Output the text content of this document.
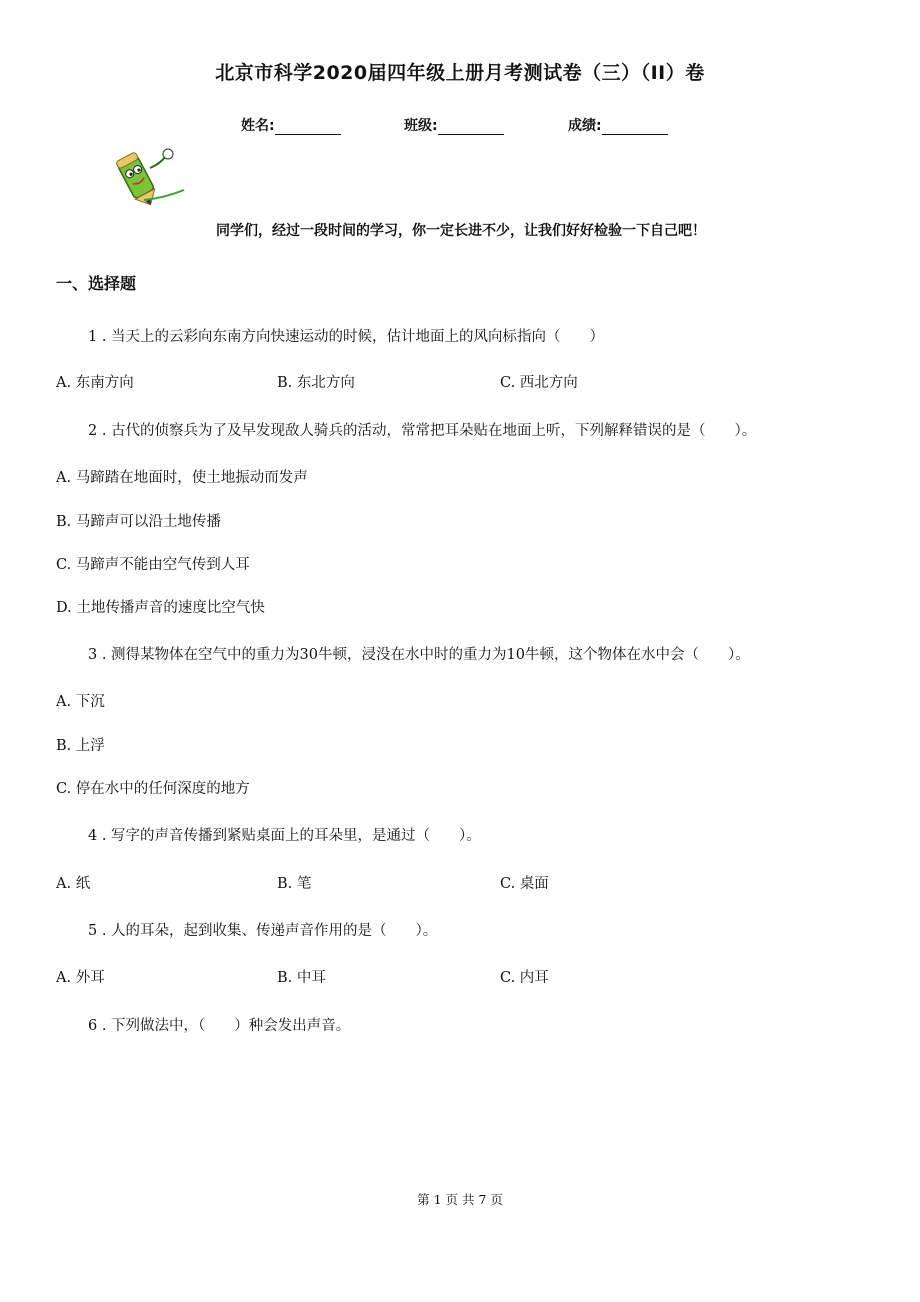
北京市科学2020届四年级上册月考测试卷（三）（II）卷
姓名:	班级:	成绩:
同学们，经过一段时间的学习，你一定长进不少，让我们好好检验一下自己吧！
一、选择题
1 . 当天上的云彩向东南方向快速运动的时候，估计地面上的风向标指向（　　）
A. 东南方向	B. 东北方向	C. 西北方向
2 . 古代的侦察兵为了及早发现敌人骑兵的活动，常常把耳朵贴在地面上听，下列解释错误的是（　　）。
A. 马蹄踏在地面时，使土地振动而发声
B. 马蹄声可以沿土地传播
C. 马蹄声不能由空气传到人耳
D. 土地传播声音的速度比空气快
3 . 测得某物体在空气中的重力为30牛顿，浸没在水中时的重力为10牛顿，这个物体在水中会（　　）。
A. 下沉
B. 上浮
C. 停在水中的任何深度的地方
4 . 写字的声音传播到紧贴桌面上的耳朵里，是通过（　　）。
A. 纸	B. 笔	C. 桌面
5 . 人的耳朵，起到收集、传递声音作用的是（　　）。
A. 外耳	B. 中耳	C. 内耳
6 . 下列做法中，（　　）种会发出声音。
第 1 页 共 7 页
